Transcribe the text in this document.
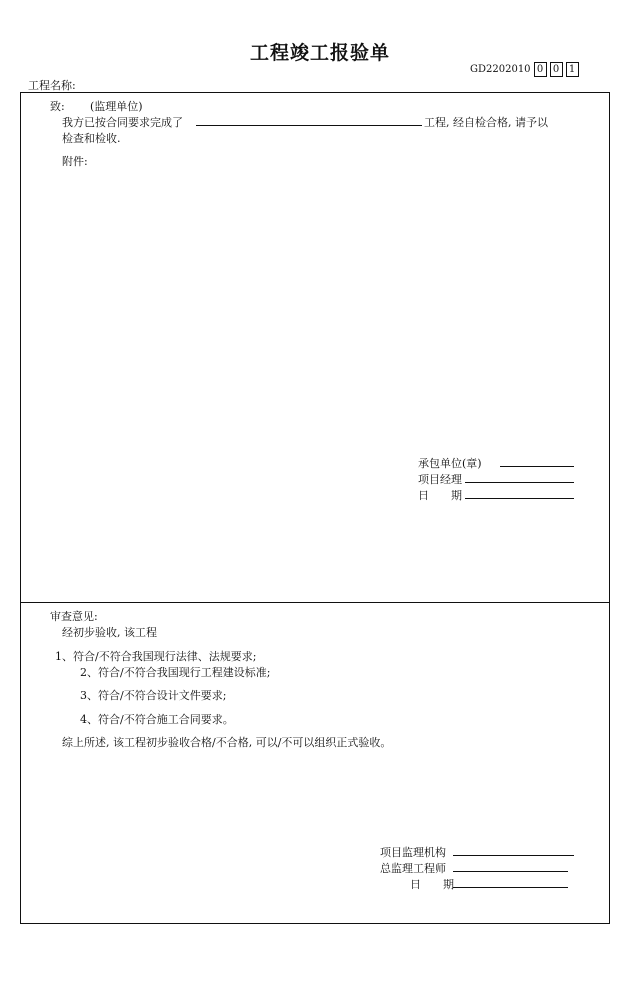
工程竣工报验单
GD2202010 0 0 1
工程名称:
致: (监理单位)
我方已按合同要求完成了	工程, 经自检合格, 请予以
检查和检收.
附件:
承包单位(章)
项目经理
日　　期
审查意见:
经初步验收, 该工程
1、符合/不符合我国现行法律、法规要求;
2、符合/不符合我国现行工程建设标准;
3、符合/不符合设计文件要求;
4、符合/不符合施工合同要求。
综上所述, 该工程初步验收合格/不合格, 可以/不可以组织正式验收。
项目监理机构
总监理工程师
日　　期
